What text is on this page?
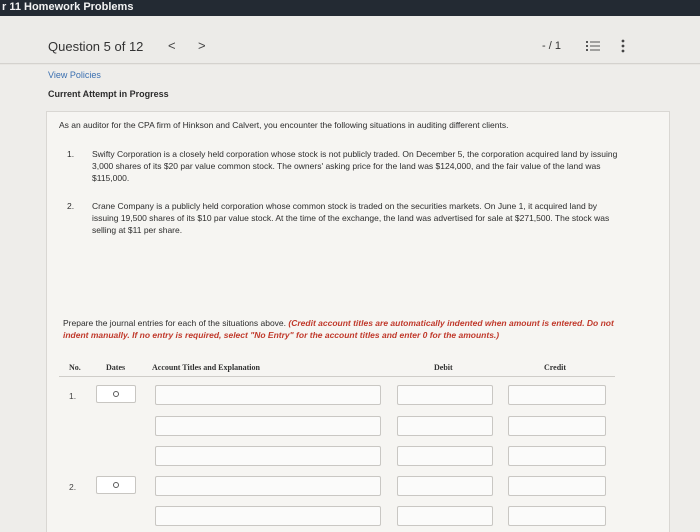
r 11 Homework Problems
Question 5 of 12 < >	- / 1
View Policies
Current Attempt in Progress
As an auditor for the CPA firm of Hinkson and Calvert, you encounter the following situations in auditing different clients.
1. Swifty Corporation is a closely held corporation whose stock is not publicly traded. On December 5, the corporation acquired land by issuing 3,000 shares of its $20 par value common stock. The owners' asking price for the land was $124,000, and the fair value of the land was $115,000.
2. Crane Company is a publicly held corporation whose common stock is traded on the securities markets. On June 1, it acquired land by issuing 19,500 shares of its $10 par value stock. At the time of the exchange, the land was advertised for sale at $271,500. The stock was selling at $11 per share.
Prepare the journal entries for each of the situations above. (Credit account titles are automatically indented when amount is entered. Do not indent manually. If no entry is required, select "No Entry" for the account titles and enter 0 for the amounts.)
No.	Dates	Account Titles and Explanation	Debit	Credit
1.
2.
